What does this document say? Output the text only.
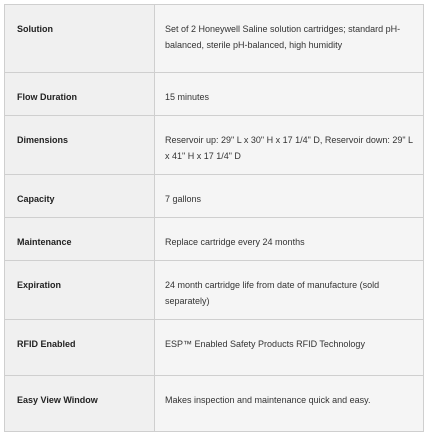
Solution	Set of 2 Honeywell Saline solution cartridges; standard pH-balanced, sterile pH-balanced, high humidity

Flow Duration	15 minutes

Dimensions	Reservoir up: 29" L x 30" H x 17 1/4" D, Reservoir down: 29" L x 41" H x 17 1/4" D

Capacity	7 gallons

Maintenance	Replace cartridge every 24 months

Expiration	24 month cartridge life from date of manufacture (sold separately)

RFID Enabled	ESP™ Enabled Safety Products RFID Technology

Easy View Window	Makes inspection and maintenance quick and easy.
